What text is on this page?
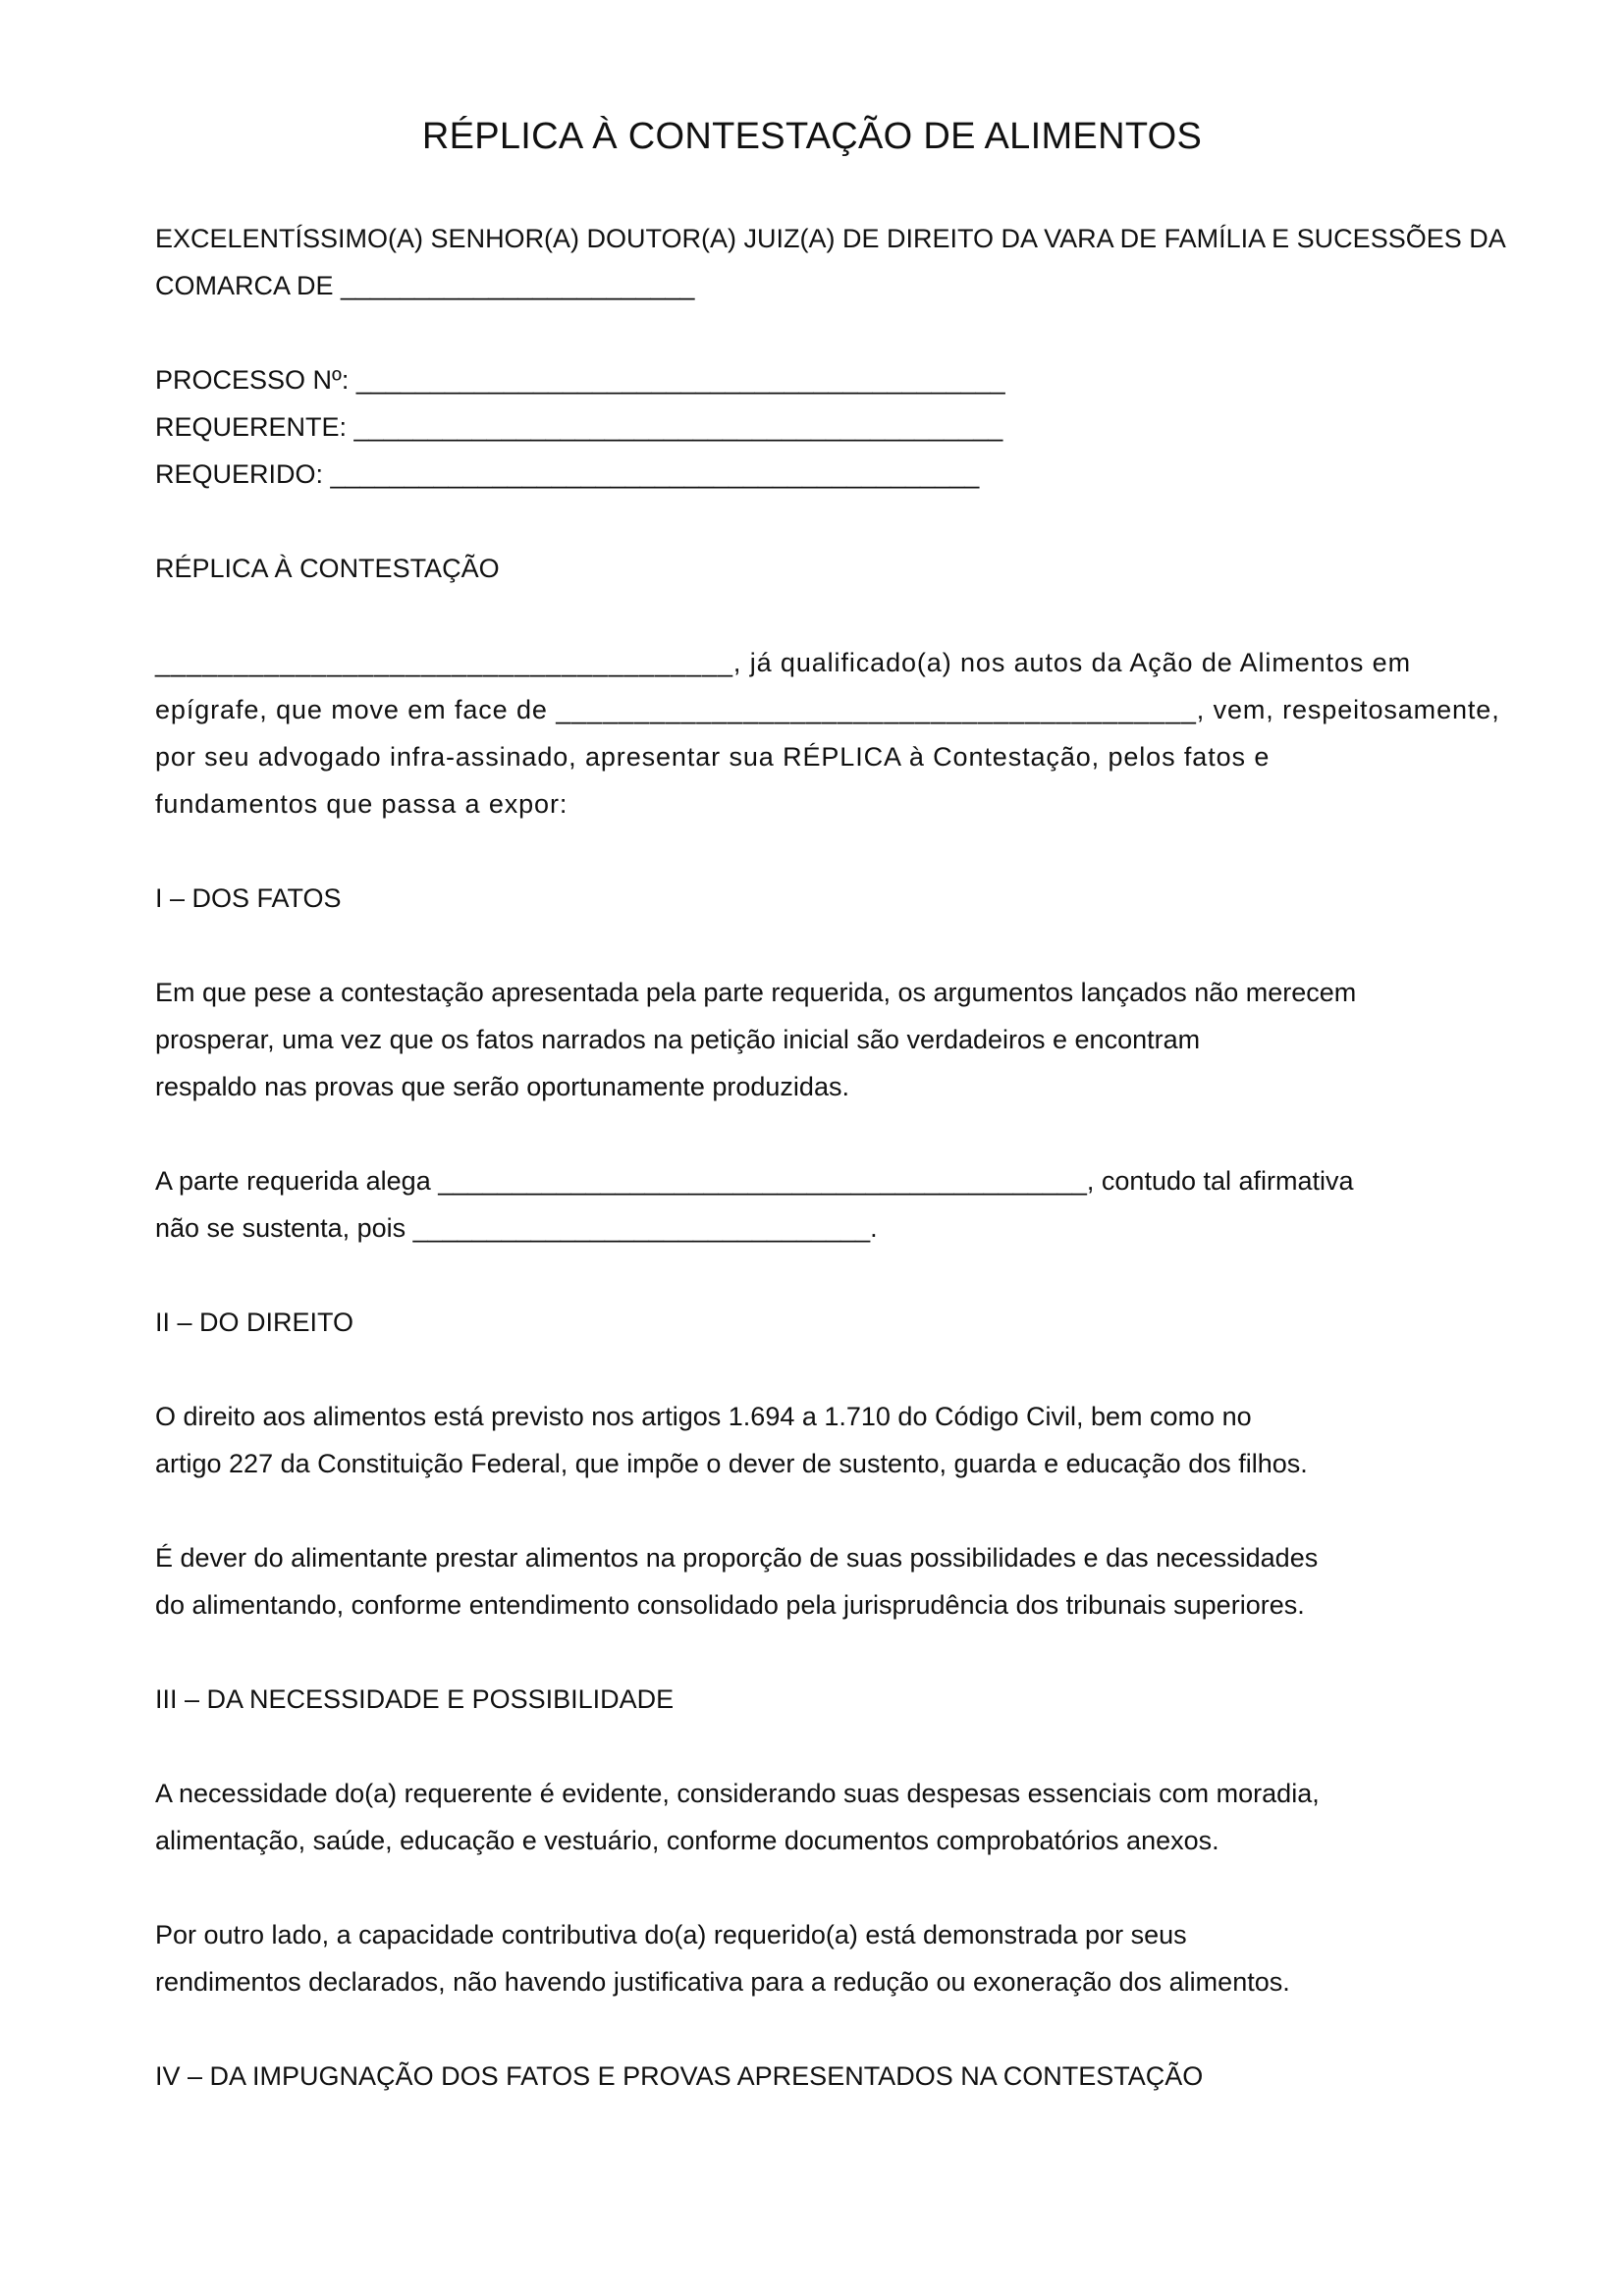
RÉPLICA À CONTESTAÇÃO DE ALIMENTOS
EXCELENTÍSSIMO(A) SENHOR(A) DOUTOR(A) JUIZ(A) DE DIREITO DA VARA DE FAMÍLIA E SUCESSÕES DA
COMARCA DE ________________________
PROCESSO Nº: ____________________________________________
REQUERENTE: ____________________________________________
REQUERIDO: ____________________________________________
RÉPLICA À CONTESTAÇÃO
_____________________________________, já qualificado(a) nos autos da Ação de Alimentos em
epígrafe, que move em face de _________________________________________, vem, respeitosamente,
por seu advogado infra-assinado, apresentar sua RÉPLICA à Contestação, pelos fatos e
fundamentos que passa a expor:
I – DOS FATOS
Em que pese a contestação apresentada pela parte requerida, os argumentos lançados não merecem
prosperar, uma vez que os fatos narrados na petição inicial são verdadeiros e encontram
respaldo nas provas que serão oportunamente produzidas.
A parte requerida alega ____________________________________________, contudo tal afirmativa
não se sustenta, pois _______________________________.
II – DO DIREITO
O direito aos alimentos está previsto nos artigos 1.694 a 1.710 do Código Civil, bem como no
artigo 227 da Constituição Federal, que impõe o dever de sustento, guarda e educação dos filhos.
É dever do alimentante prestar alimentos na proporção de suas possibilidades e das necessidades
do alimentando, conforme entendimento consolidado pela jurisprudência dos tribunais superiores.
III – DA NECESSIDADE E POSSIBILIDADE
A necessidade do(a) requerente é evidente, considerando suas despesas essenciais com moradia,
alimentação, saúde, educação e vestuário, conforme documentos comprobatórios anexos.
Por outro lado, a capacidade contributiva do(a) requerido(a) está demonstrada por seus
rendimentos declarados, não havendo justificativa para a redução ou exoneração dos alimentos.
IV – DA IMPUGNAÇÃO DOS FATOS E PROVAS APRESENTADOS NA CONTESTAÇÃO
